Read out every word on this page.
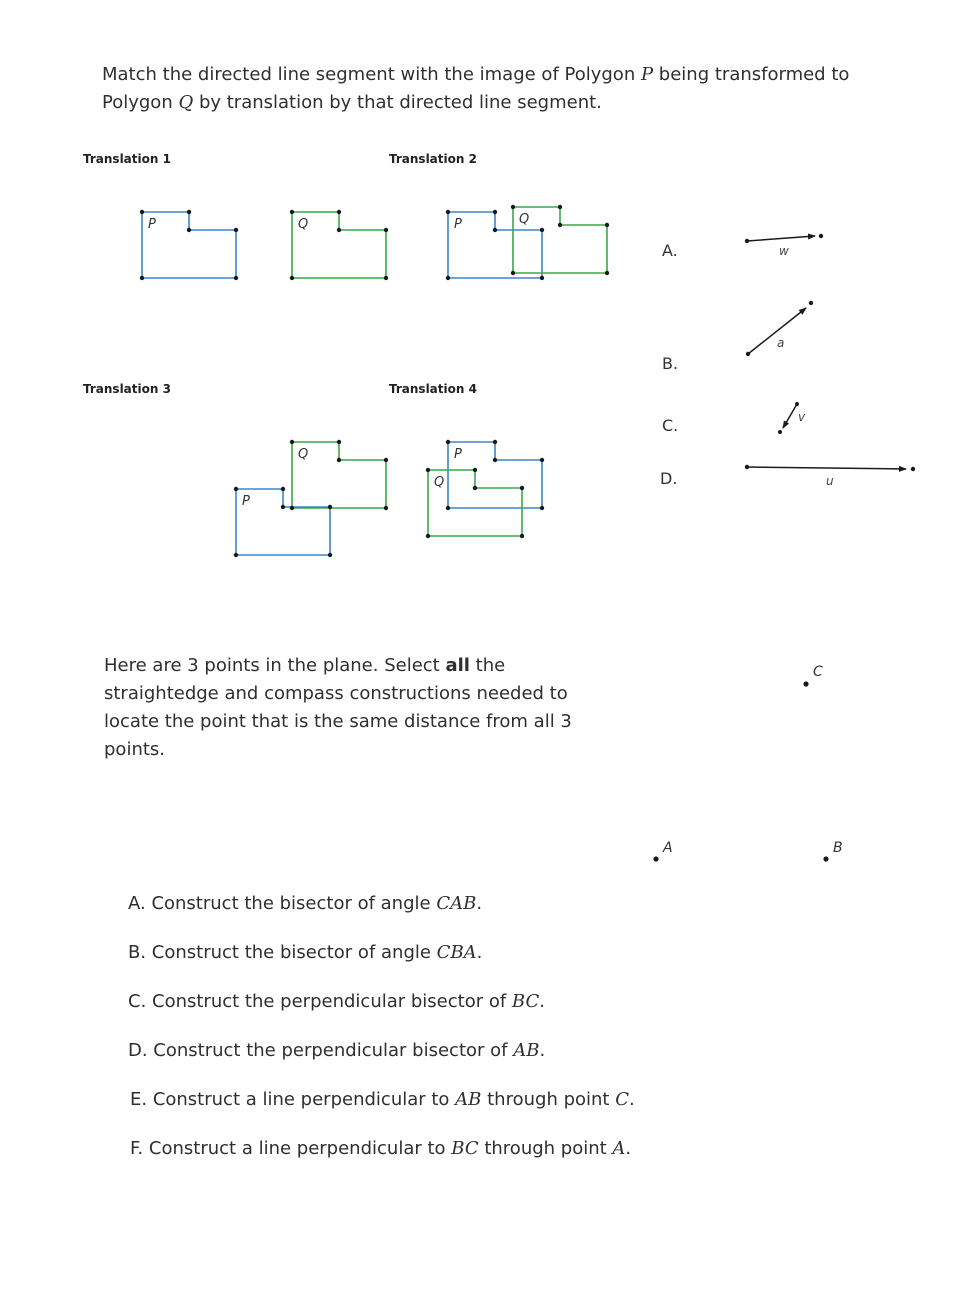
Match the directed line segment with the image of Polygon P being transformed to Polygon Q by translation by that directed line segment.
Translation 1	Translation 2
Translation 3	Translation 4
P	Q	P	Q
Q
P
P
Q
w
a
v
u
C
A	B
A.
B.
C.
D.
Here are 3 points in the plane. Select all the straightedge and compass constructions needed to locate the point that is the same distance from all 3 points.
A. Construct the bisector of angle CAB.
B. Construct the bisector of angle CBA.
C. Construct the perpendicular bisector of BC.
D. Construct the perpendicular bisector of AB.
E. Construct a line perpendicular to AB through point C.
F. Construct a line perpendicular to BC through point A.
